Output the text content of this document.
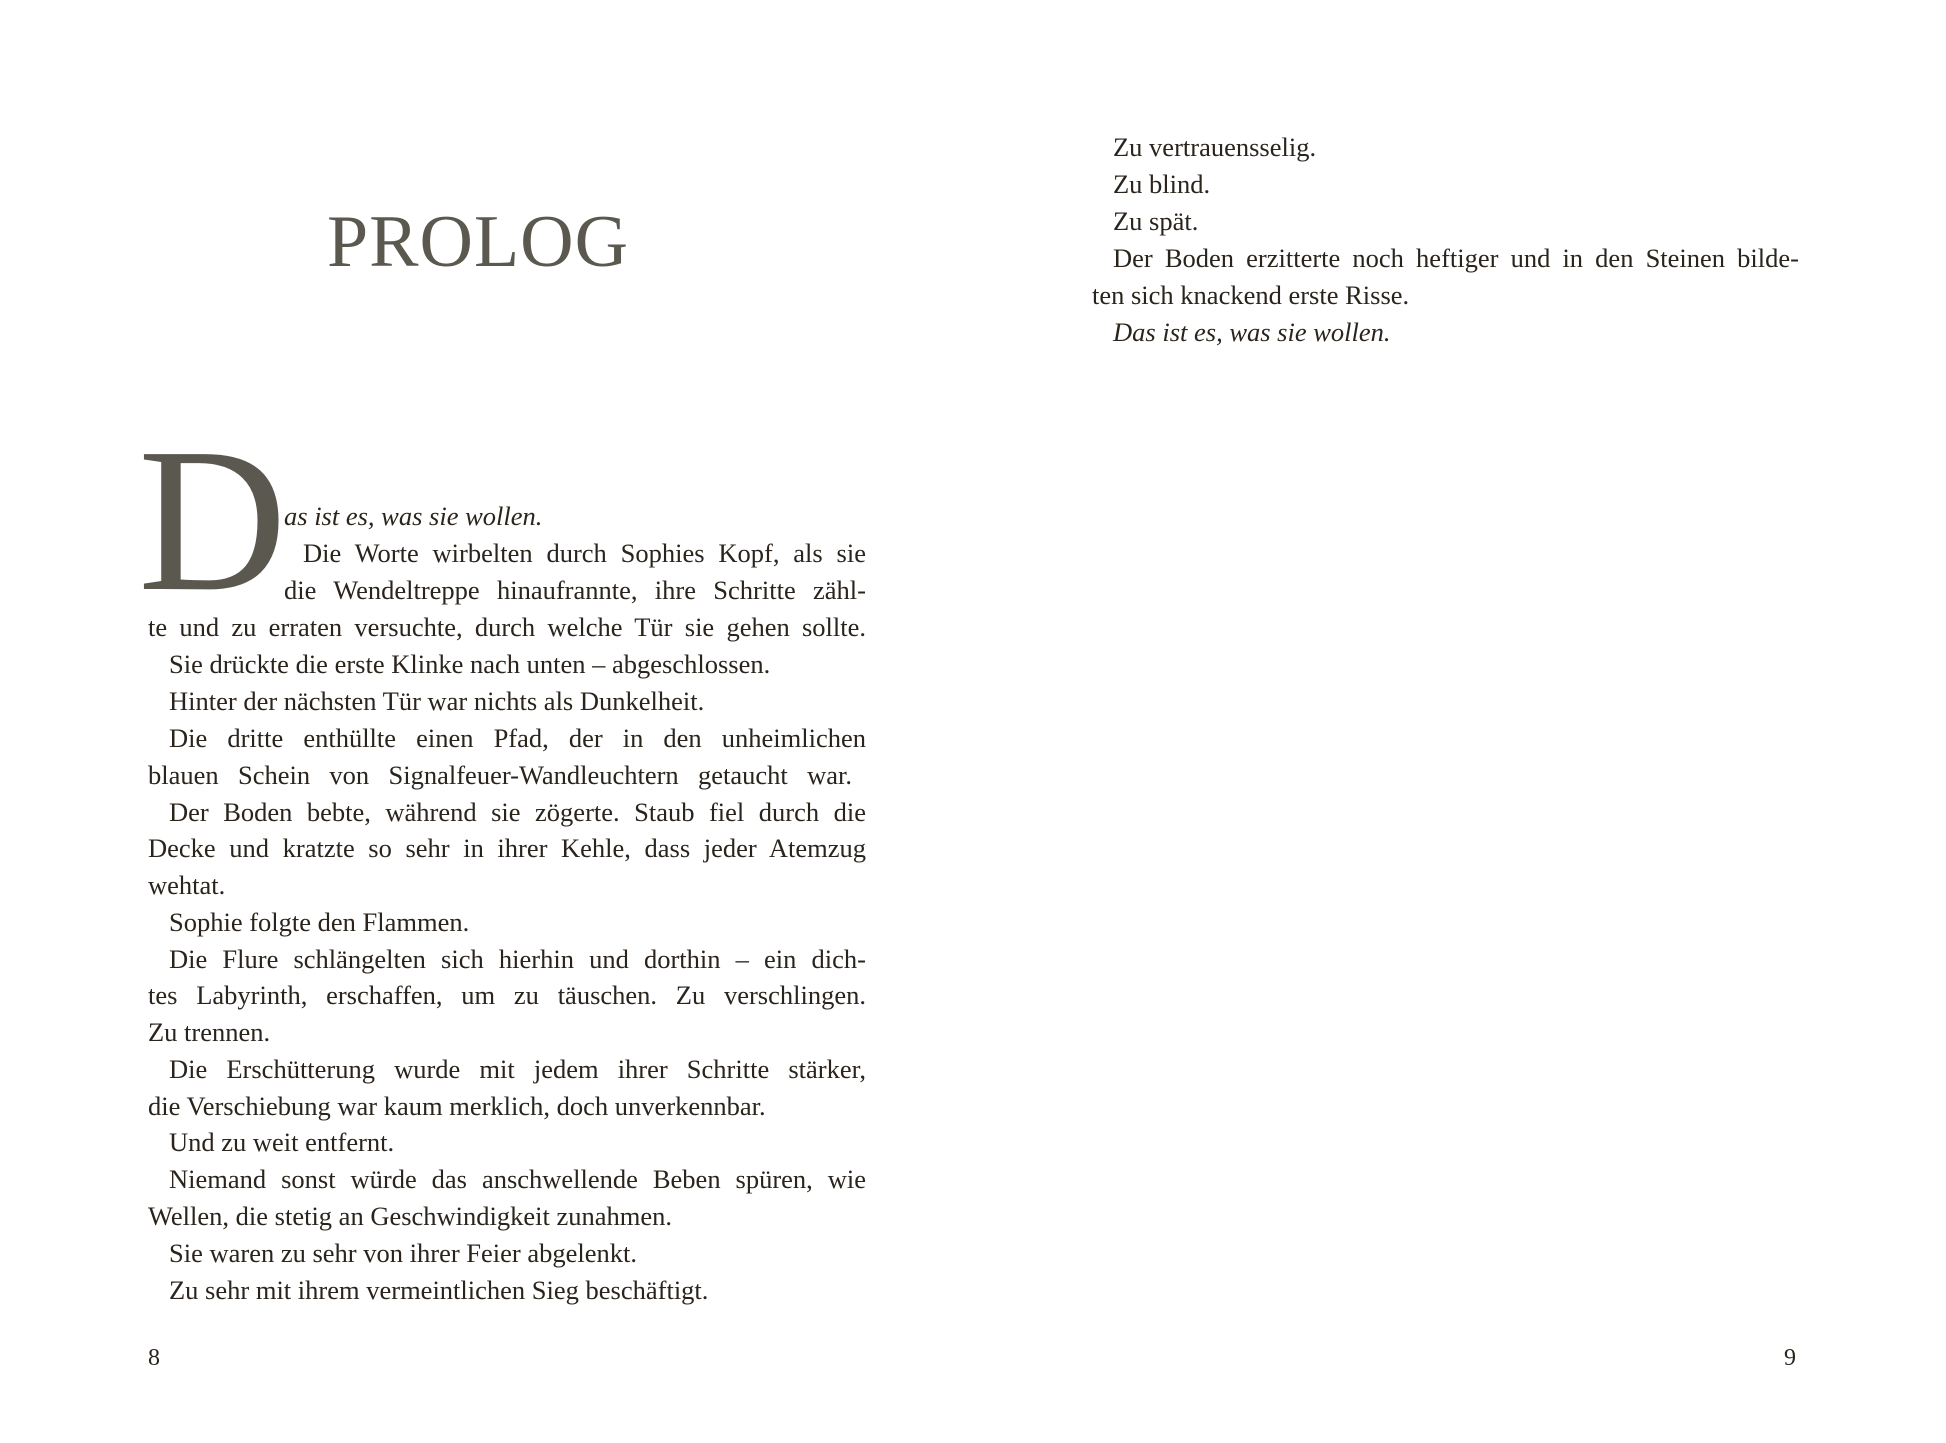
PROLOG
D
as ist es, was sie wollen.
Die Worte wirbelten durch Sophies Kopf, als sie
die Wendeltreppe hinaufrannte, ihre Schritte zähl-
te und zu erraten versuchte, durch welche Tür sie gehen sollte.
Sie drückte die erste Klinke nach unten – abgeschlossen.
Hinter der nächsten Tür war nichts als Dunkelheit.
Die dritte enthüllte einen Pfad, der in den unheimlichen
blauen Schein von Signalfeuer-Wandleuchtern getaucht war.
Der Boden bebte, während sie zögerte. Staub fiel durch die
Decke und kratzte so sehr in ihrer Kehle, dass jeder Atemzug
wehtat.
Sophie folgte den Flammen.
Die Flure schlängelten sich hierhin und dorthin – ein dich-
tes Labyrinth, erschaffen, um zu täuschen. Zu verschlingen.
Zu trennen.
Die Erschütterung wurde mit jedem ihrer Schritte stärker,
die Verschiebung war kaum merklich, doch unverkennbar.
Und zu weit entfernt.
Niemand sonst würde das anschwellende Beben spüren, wie
Wellen, die stetig an Geschwindigkeit zunahmen.
Sie waren zu sehr von ihrer Feier abgelenkt.
Zu sehr mit ihrem vermeintlichen Sieg beschäftigt.
8
Zu vertrauensselig.
Zu blind.
Zu spät.
Der Boden erzitterte noch heftiger und in den Steinen bilde-
ten sich knackend erste Risse.
Das ist es, was sie wollen.
9
